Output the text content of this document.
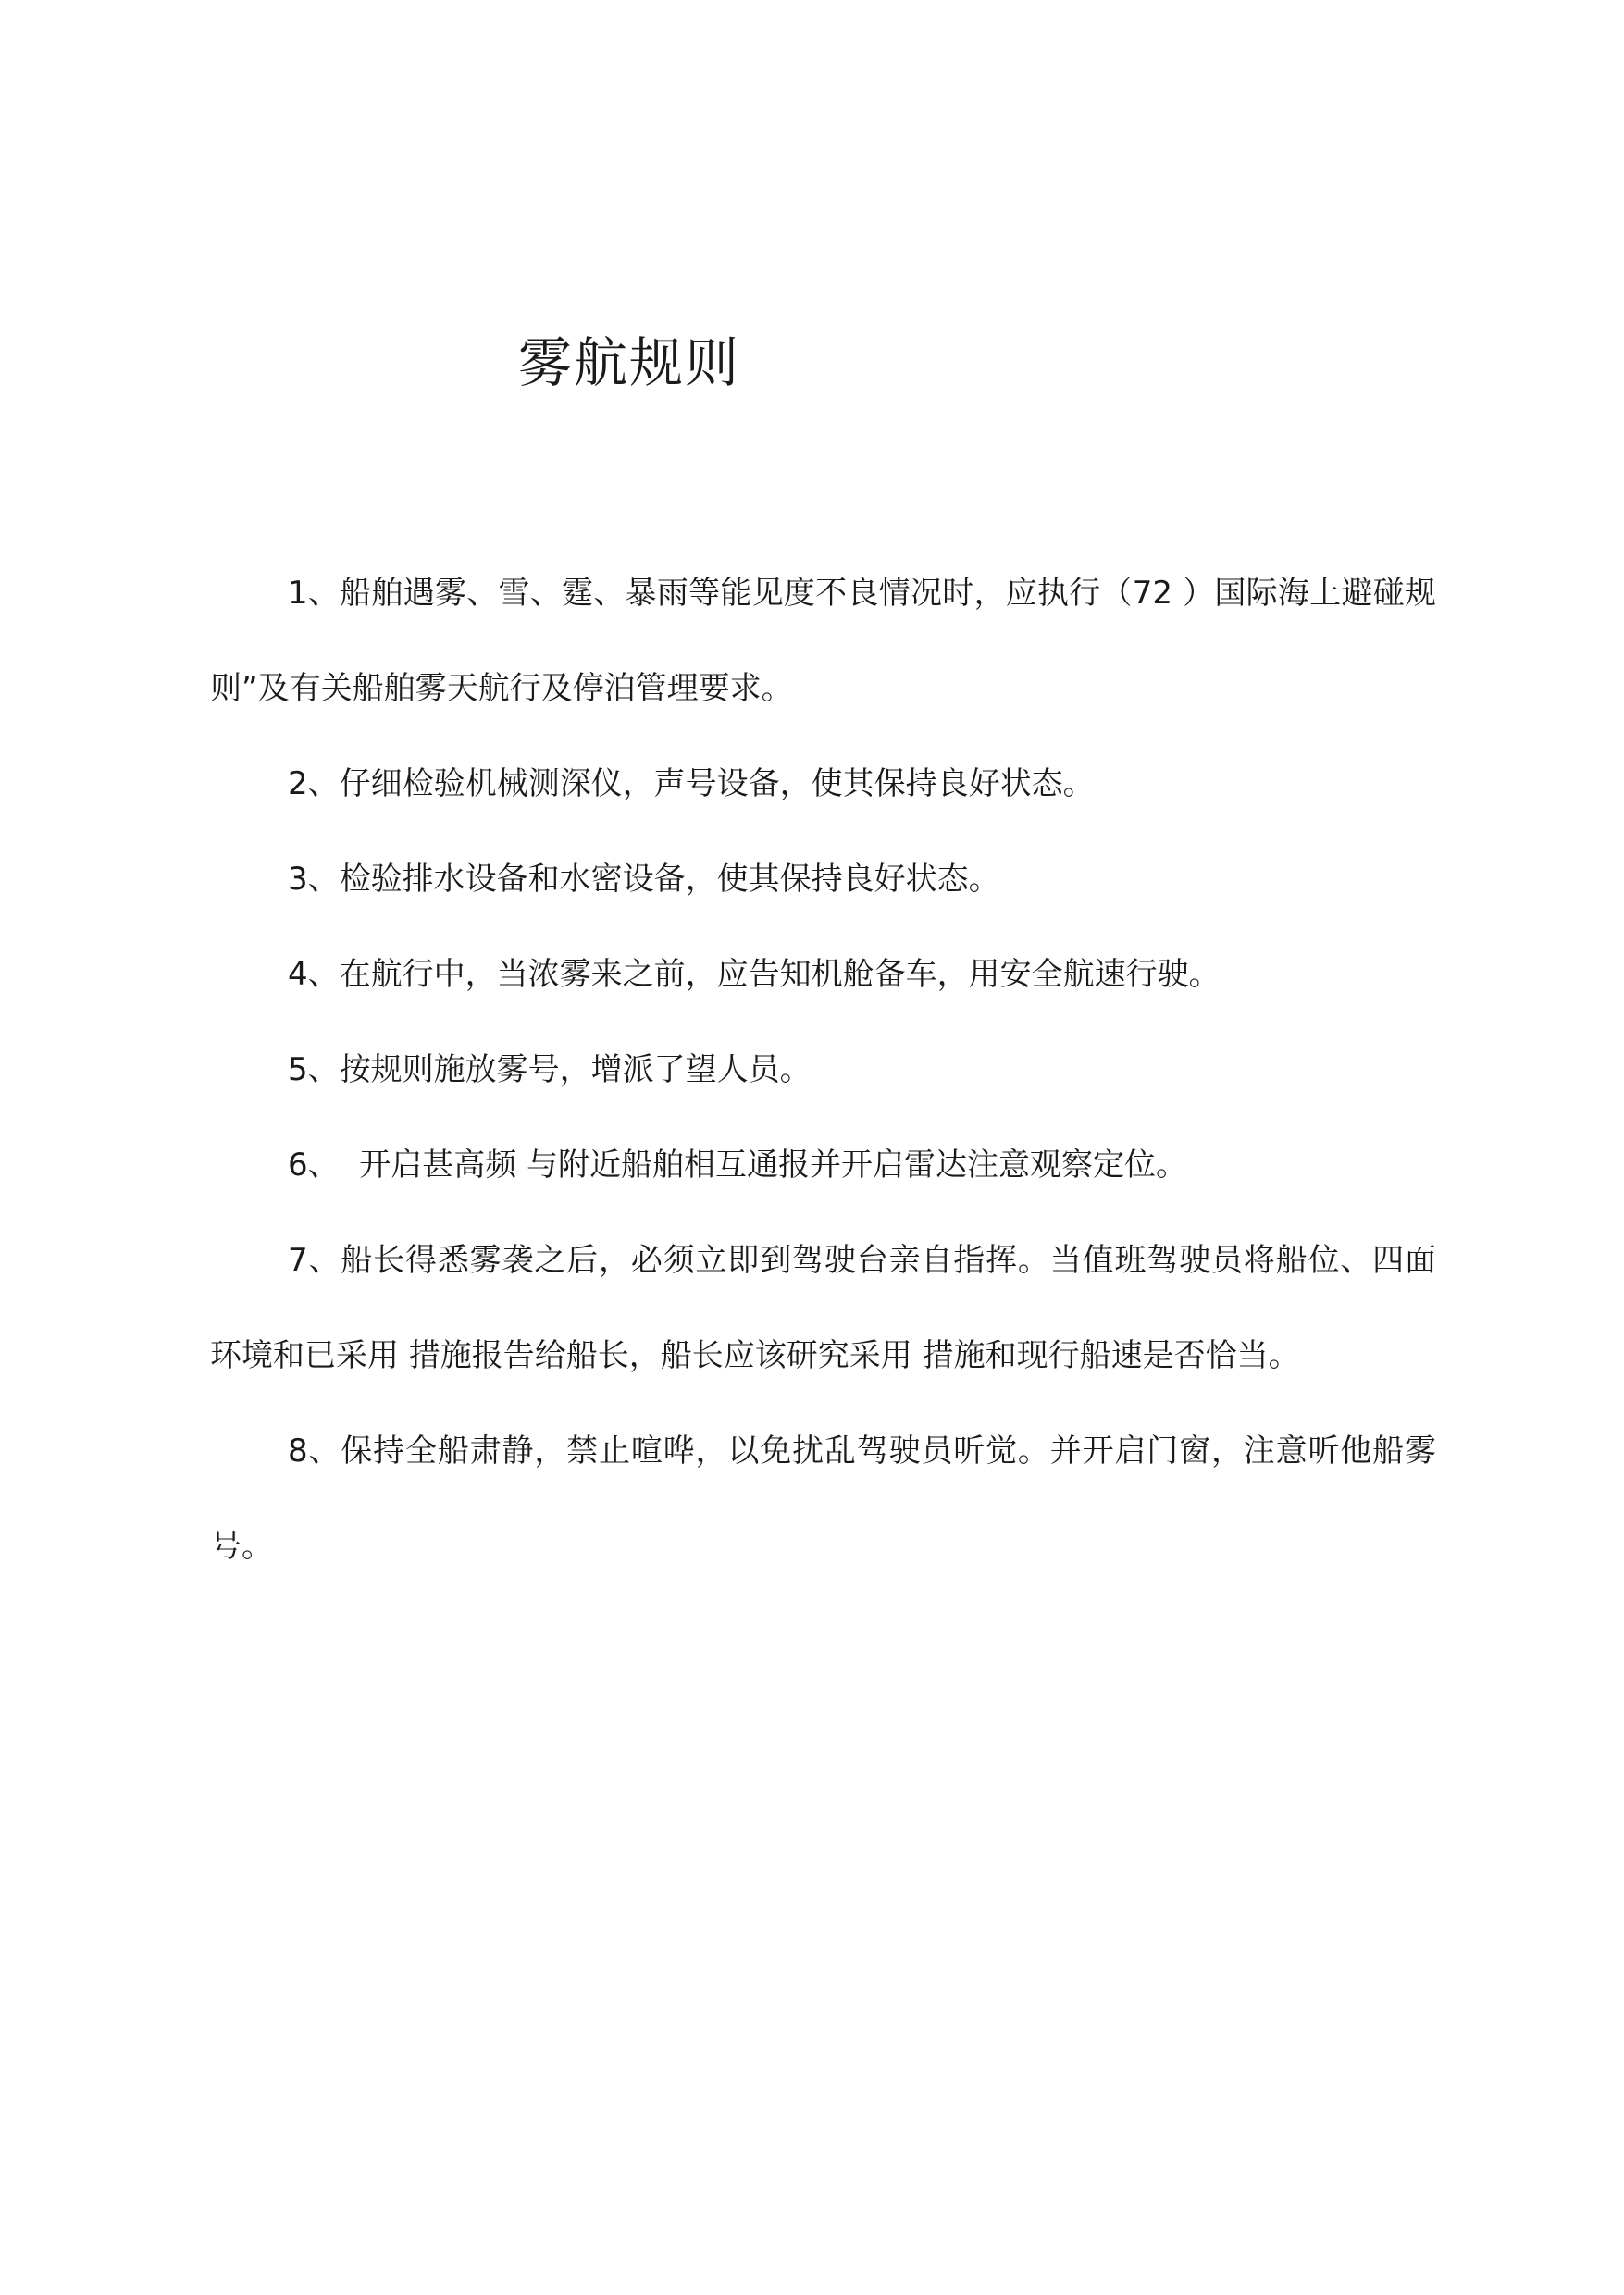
雾航规则

1、船舶遇雾、雪、霆、暴雨等能见度不良情况时，应执行（72 ）国际海上避碰规则”及有关船舶雾天航行及停泊管理要求。

2、仔细检验机械测深仪，声号设备，使其保持良好状态。

3、检验排水设备和水密设备，使其保持良好状态。

4、在航行中，当浓雾来之前，应告知机舱备车，用安全航速行驶。

5、按规则施放雾号，增派了望人员。

6、  开启甚高频 与附近船舶相互通报并开启雷达注意观察定位。

7、船长得悉雾袭之后，必须立即到驾驶台亲自指挥。当值班驾驶员将船位、四面环境和已采用 措施报告给船长，船长应该研究采用 措施和现行船速是否恰当。

8、保持全船肃静，禁止喧哗，以免扰乱驾驶员听觉。并开启门窗，注意听他船雾号。
